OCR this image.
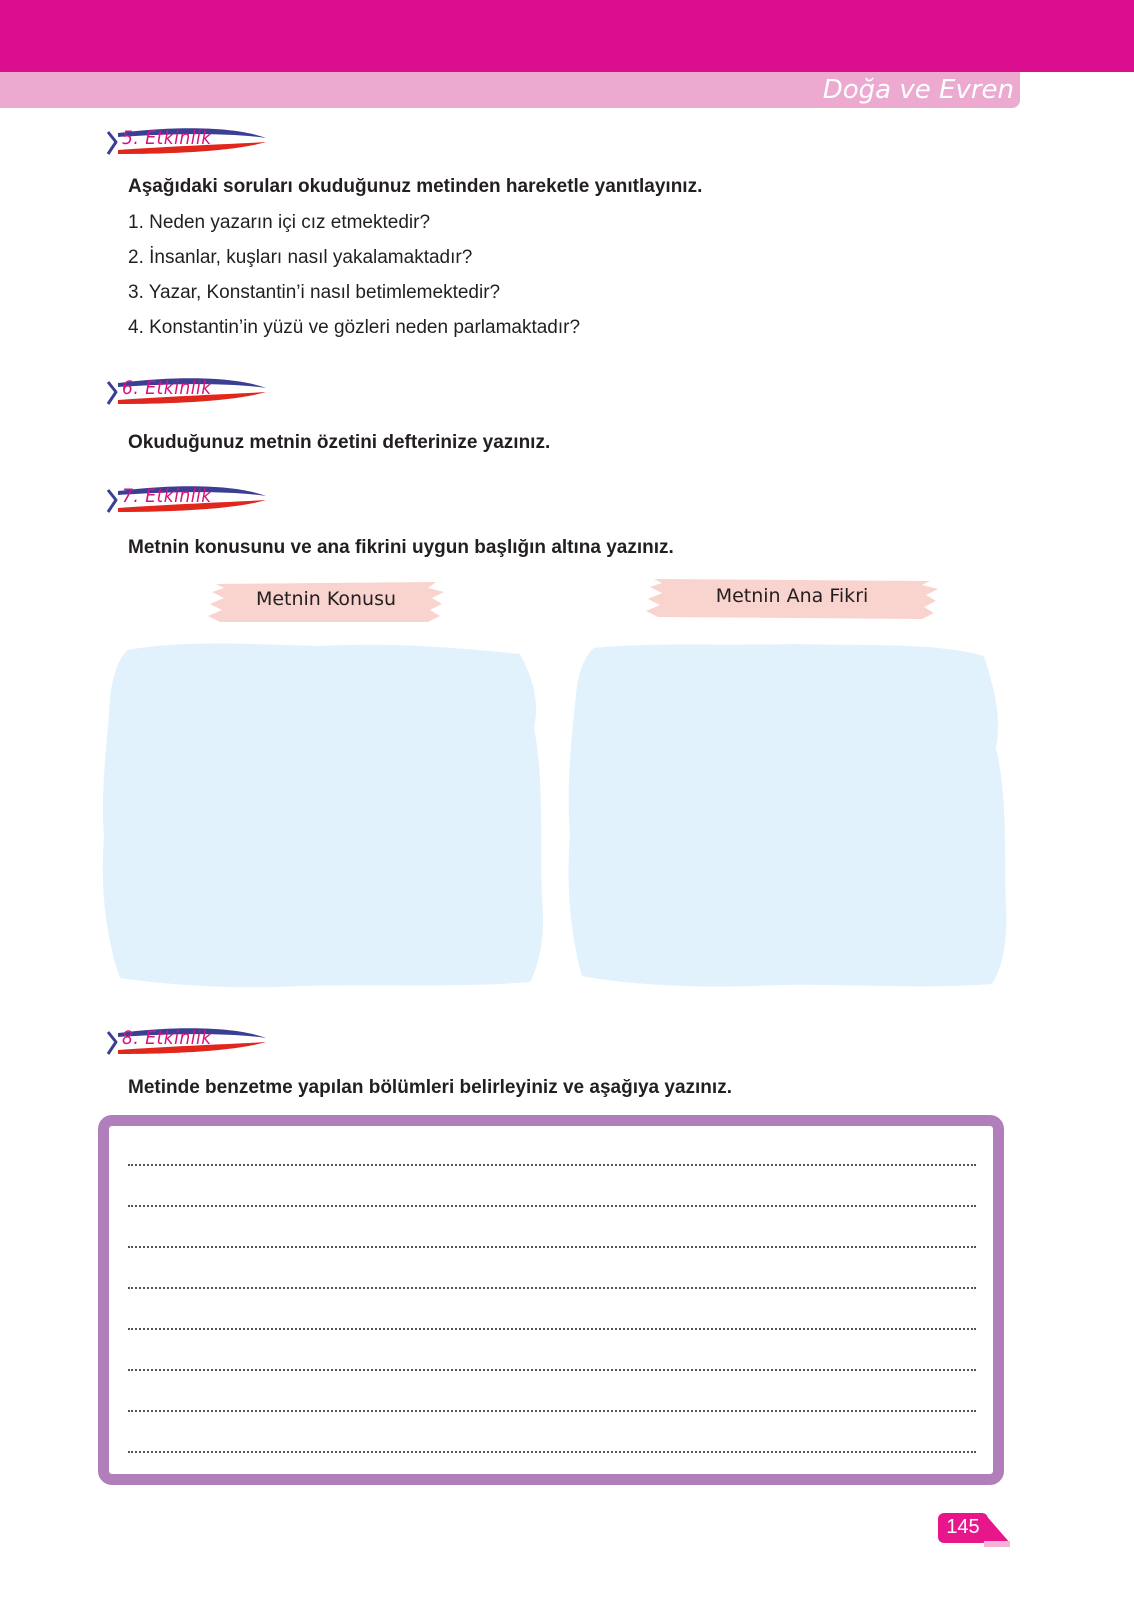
Doğa ve Evren
5. Etkinlik
Aşağıdaki soruları okuduğunuz metinden hareketle yanıtlayınız.
1. Neden yazarın içi cız etmektedir?
2. İnsanlar, kuşları nasıl yakalamaktadır?
3. Yazar, Konstantin’i nasıl betimlemektedir?
4. Konstantin’in yüzü ve gözleri neden parlamaktadır?
6. Etkinlik
Okuduğunuz metnin özetini defterinize yazınız.
7. Etkinlik
Metnin konusunu ve ana fikrini uygun başlığın altına yazınız.
Metnin Konusu	Metnin Ana Fikri
8. Etkinlik
Metinde benzetme yapılan bölümleri belirleyiniz ve aşağıya yazınız.
145
